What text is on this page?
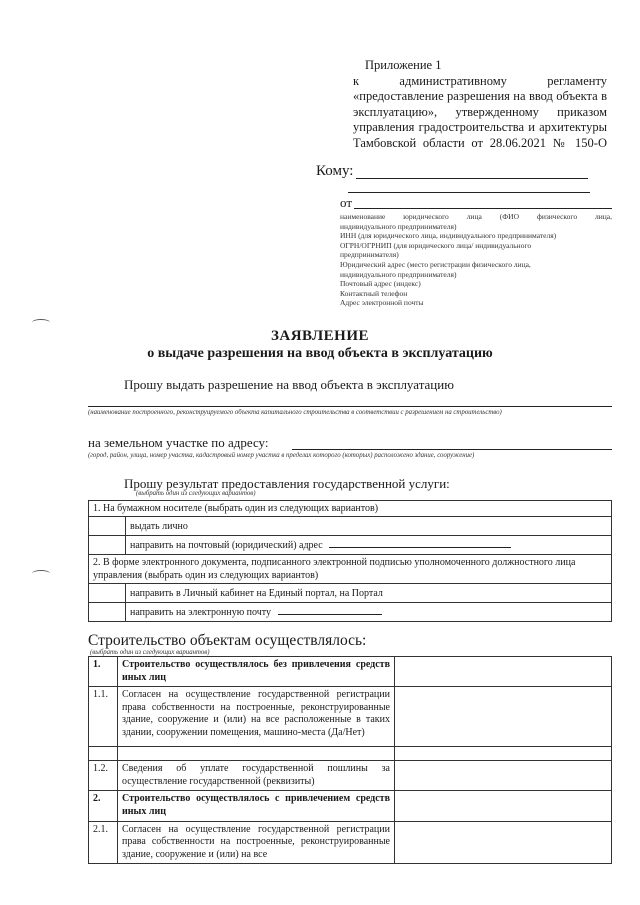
Приложение 1
к административному регламенту
«предоставление разрешения на ввод объекта в
эксплуатацию», утвержденному приказом
управления градостроительства и архитектуры
Тамбовской области от 28.06.2021 № 150-О
Кому:
от
наименование юридического лица (ФИО физического лица,
индивидуального предпринимателя)
ИНН (для юридического лица, индивидуального предпринимателя)
ОГРН/ОГРНИП (для юридического лица/ индивидуального
предпринимателя)
Юридический адрес (место регистрации физического лица,
индивидуального предпринимателя)
Почтовый адрес (индекс)
Контактный телефон
Адрес электронной почты
ЗАЯВЛЕНИЕ
о выдаче разрешения на ввод объекта в эксплуатацию
Прошу выдать разрешение на ввод объекта в эксплуатацию
(наименование построенного, реконструируемого объекта капитального строительства в соответствии с разрешением на строительство)
на земельном участке по адресу:
(город, район, улица, номер участка, кадастровый номер участка в пределах которого (которых) расположено здание, сооружение)
Прошу результат предоставления государственной услуги:
(выбрать один из следующих вариантов)
1. На бумажном носителе (выбрать один из следующих вариантов)	
	выдать лично
	направить на почтовый (юридический) адрес
2. В форме электронного документа, подписанного электронной подписью уполномоченного должностного лица управления (выбрать один из следующих вариантов)	
	направить в Личный кабинет на Единый портал, на Портал
	направить на электронную почту
Строительство объектам осуществлялось:
(выбрать один из следующих вариантов)
1.	Строительство осуществлялось без привлечения средств иных лиц	
1.1.	Согласен на осуществление государственной регистрации права собственности на построенные, реконструированные здание, сооружение и (или) на все расположенные в таких здании, сооружении помещения, машино-места (Да/Нет)	

1.2.	Сведения об уплате государственной пошлины за осуществление государственной (реквизиты)	
2.	Строительство осуществлялось с привлечением средств иных лиц	
2.1.	Согласен на осуществление государственной регистрации права собственности на построенные, реконструированные здание, сооружение и (или) на все	
